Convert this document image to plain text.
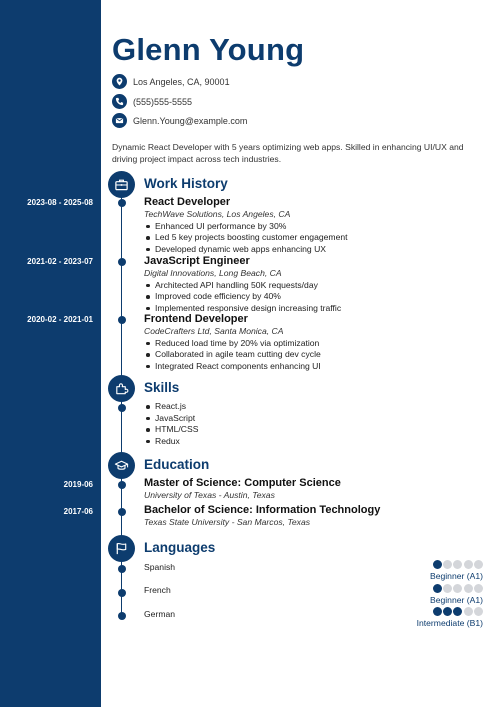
Glenn Young
Los Angeles, CA, 90001
(555)555-5555
Glenn.Young@example.com
Dynamic React Developer with 5 years optimizing web apps. Skilled in enhancing UI/UX and driving project impact across tech industries.
Work History
2023-08 - 2025-08	React Developer
TechWave Solutions, Los Angeles, CA
Enhanced UI performance by 30%
Led 5 key projects boosting customer engagement
Developed dynamic web apps enhancing UX
2021-02 - 2023-07	JavaScript Engineer
Digital Innovations, Long Beach, CA
Architected API handling 50K requests/day
Improved code efficiency by 40%
Implemented responsive design increasing traffic
2020-02 - 2021-01	Frontend Developer
CodeCrafters Ltd, Santa Monica, CA
Reduced load time by 20% via optimization
Collaborated in agile team cutting dev cycle
Integrated React components enhancing UI
Skills
React.js
JavaScript
HTML/CSS
Redux
Education
2019-06	Master of Science: Computer Science
University of Texas - Austin, Texas
2017-06	Bachelor of Science: Information Technology
Texas State University - San Marcos, Texas
Languages
Spanish
Beginner (A1)
French
Beginner (A1)
German
Intermediate (B1)
